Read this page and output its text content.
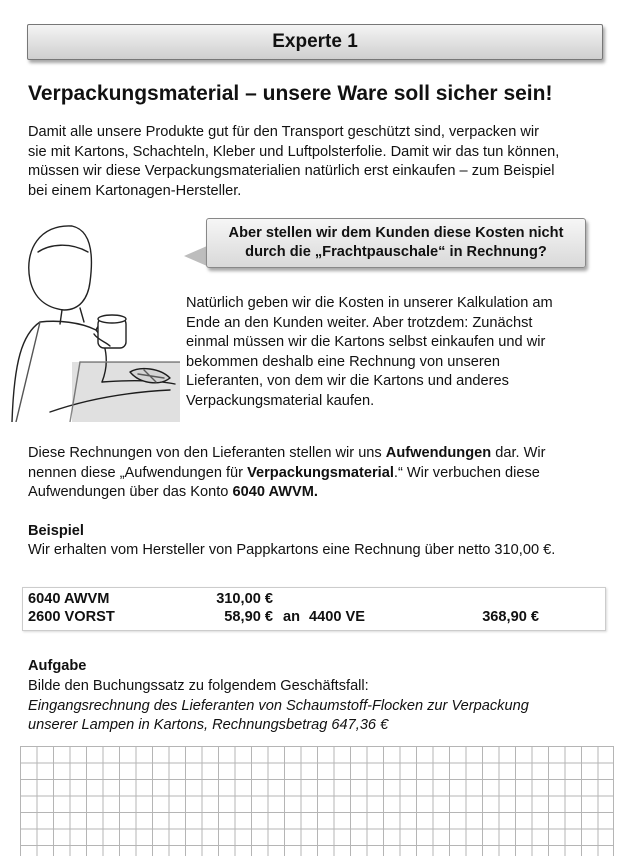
Experte 1
Verpackungsmaterial – unsere Ware soll sicher sein!
Damit alle unsere Produkte gut für den Transport geschützt sind, verpacken wir
sie mit Kartons, Schachteln, Kleber und Luftpolsterfolie. Damit wir das tun können,
müssen wir diese Verpackungsmaterialien natürlich erst einkaufen – zum Beispiel
bei einem Kartonagen-Hersteller.
Aber stellen wir dem Kunden diese Kosten nicht
durch die „Frachtpauschale“ in Rechnung?
Natürlich geben wir die Kosten in unserer Kalkulation am
Ende an den Kunden weiter. Aber trotzdem: Zunächst
einmal müssen wir die Kartons selbst einkaufen und wir
bekommen deshalb eine Rechnung von unseren
Lieferanten, von dem wir die Kartons und anderes
Verpackungsmaterial kaufen.
Diese Rechnungen von den Lieferanten stellen wir uns Aufwendungen dar. Wir
nennen diese „Aufwendungen für Verpackungsmaterial.“ Wir verbuchen diese
Aufwendungen über das Konto 6040 AWVM.
Beispiel
Wir erhalten vom Hersteller von Pappkartons eine Rechnung über netto 310,00 €.
6040 AWVM	310,00 €
2600 VORST	58,90 € an 4400 VE	368,90 €
Aufgabe
Bilde den Buchungssatz zu folgendem Geschäftsfall:
Eingangsrechnung des Lieferanten von Schaumstoff-Flocken zur Verpackung
unserer Lampen in Kartons, Rechnungsbetrag 647,36 €
